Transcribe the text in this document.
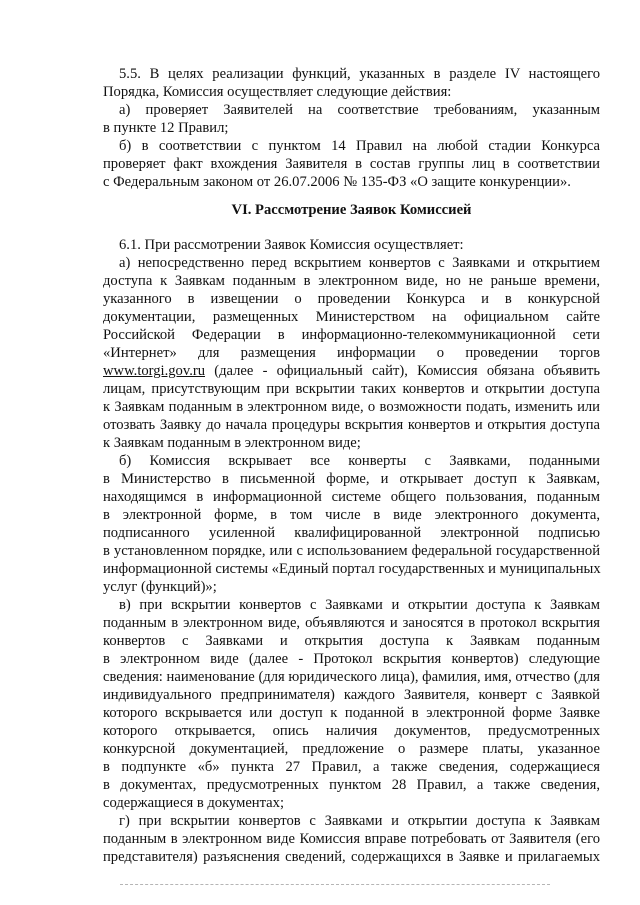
5.5. В целях реализации функций, указанных в разделе IV настоящего
Порядка, Комиссия осуществляет следующие действия:
а) проверяет Заявителей на соответствие требованиям, указанным
в пункте 12 Правил;
б) в соответствии с пунктом 14 Правил на любой стадии Конкурса
проверяет факт вхождения Заявителя в состав группы лиц в соответствии
с Федеральным законом от 26.07.2006 № 135-ФЗ «О защите конкуренции».
VI. Рассмотрение Заявок Комиссией
6.1. При рассмотрении Заявок Комиссия осуществляет:
а) непосредственно перед вскрытием конвертов с Заявками и открытием
доступа к Заявкам поданным в электронном виде, но не раньше времени,
указанного в извещении о проведении Конкурса и в конкурсной
документации, размещенных Министерством на официальном сайте
Российской Федерации в информационно-телекоммуникационной сети
«Интернет» для размещения информации о проведении торгов
www.torgi.gov.ru (далее - официальный сайт), Комиссия обязана объявить
лицам, присутствующим при вскрытии таких конвертов и открытии доступа
к Заявкам поданным в электронном виде, о возможности подать, изменить или
отозвать Заявку до начала процедуры вскрытия конвертов и открытия доступа
к Заявкам поданным в электронном виде;
б) Комиссия вскрывает все конверты с Заявками, поданными
в Министерство в письменной форме, и открывает доступ к Заявкам,
находящимся в информационной системе общего пользования, поданным
в электронной форме, в том числе в виде электронного документа,
подписанного усиленной квалифицированной электронной подписью
в установленном порядке, или с использованием федеральной государственной
информационной системы «Единый портал государственных и муниципальных
услуг (функций)»;
в) при вскрытии конвертов с Заявками и открытии доступа к Заявкам
поданным в электронном виде, объявляются и заносятся в протокол вскрытия
конвертов с Заявками и открытия доступа к Заявкам поданным
в электронном виде (далее - Протокол вскрытия конвертов) следующие
сведения: наименование (для юридического лица), фамилия, имя, отчество (для
индивидуального предпринимателя) каждого Заявителя, конверт с Заявкой
которого вскрывается или доступ к поданной в электронной форме Заявке
которого открывается, опись наличия документов, предусмотренных
конкурсной документацией, предложение о размере платы, указанное
в подпункте «б» пункта 27 Правил, а также сведения, содержащиеся
в документах, предусмотренных пунктом 28 Правил, а также сведения,
содержащиеся в документах;
г) при вскрытии конвертов с Заявками и открытии доступа к Заявкам
поданным в электронном виде Комиссия вправе потребовать от Заявителя (его
представителя) разъяснения сведений, содержащихся в Заявке и прилагаемых
